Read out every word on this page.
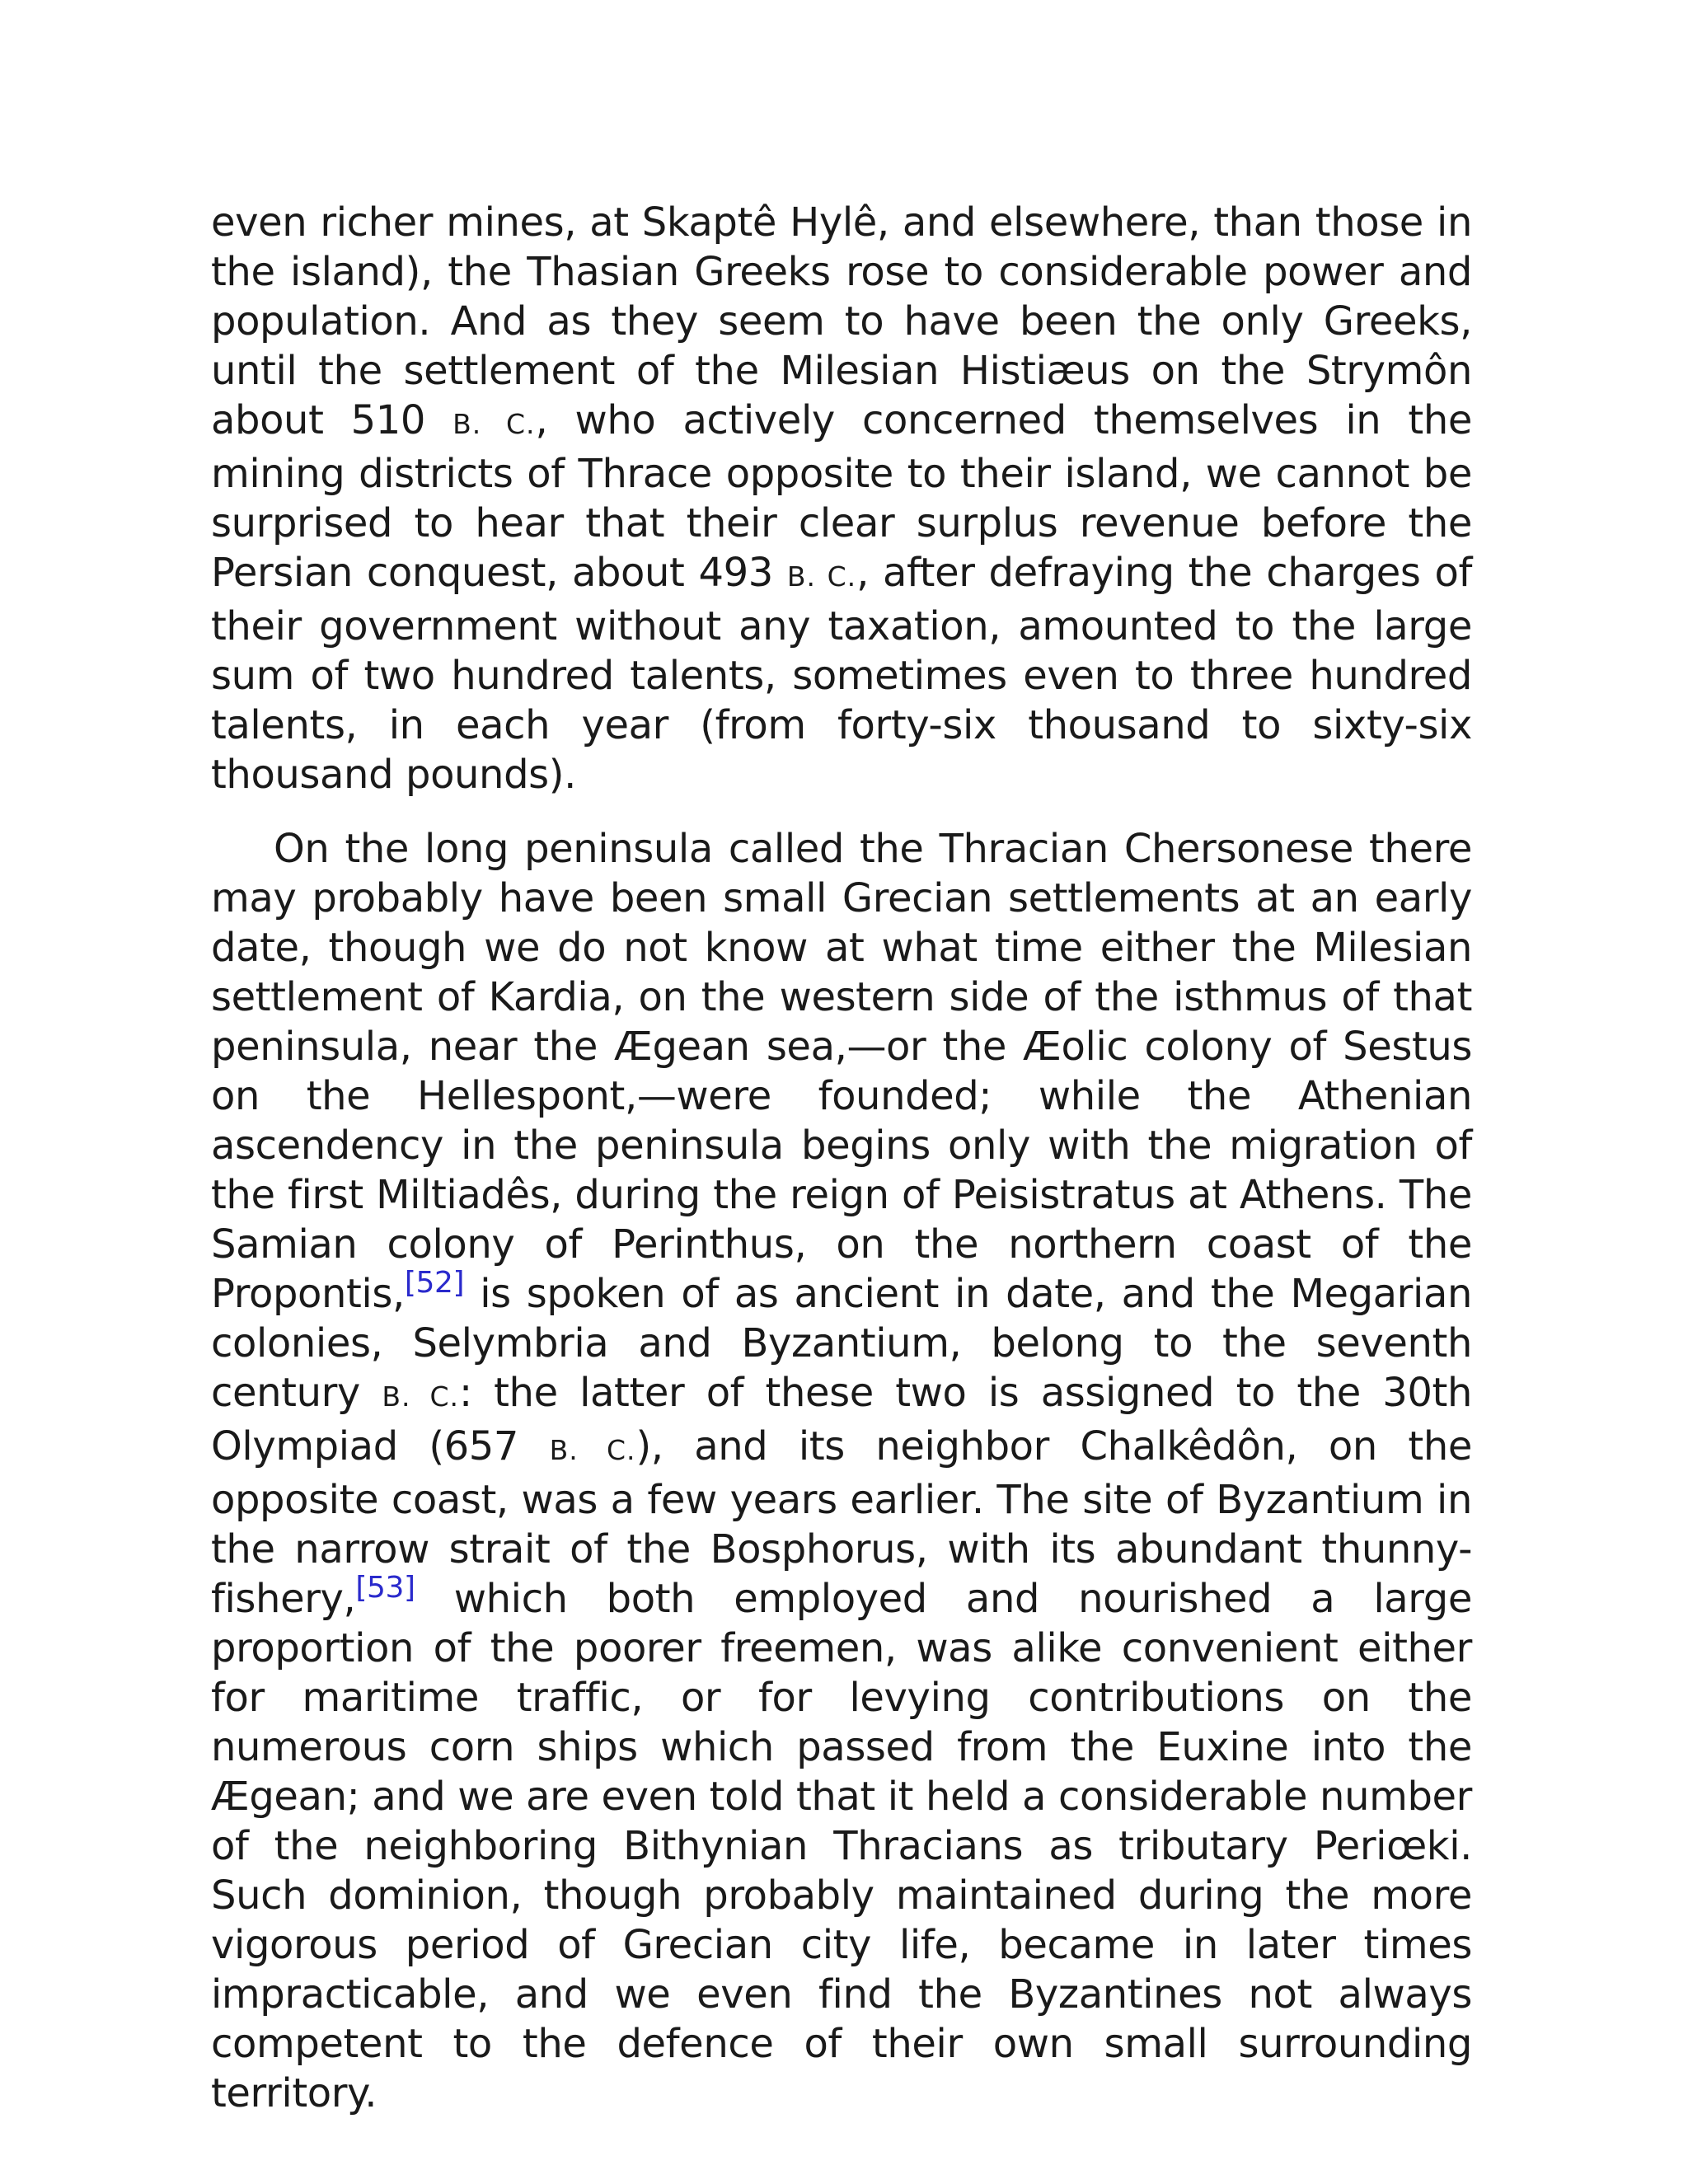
even richer mines, at Skaptê Hylê, and elsewhere, than those in the island), the Thasian Greeks rose to considerable power and population. And as they seem to have been the only Greeks, until the settlement of the Milesian Histiæus on the Strymôn about 510 B. C., who actively concerned themselves in the mining districts of Thrace opposite to their island, we cannot be surprised to hear that their clear surplus revenue before the Persian conquest, about 493 B. C., after defraying the charges of their government without any taxation, amounted to the large sum of two hundred talents, sometimes even to three hundred talents, in each year (from forty-six thousand to sixty-six thousand pounds).

On the long peninsula called the Thracian Chersonese there may probably have been small Grecian settlements at an early date, though we do not know at what time either the Milesian settlement of Kardia, on the western side of the isthmus of that peninsula, near the Ægean sea,—or the Æolic colony of Sestus on the Hellespont,—were founded; while the Athenian ascendency in the peninsula begins only with the migration of the first Miltiadês, during the reign of Peisistratus at Athens. The Samian colony of Perinthus, on the northern coast of the Propontis,[52] is spoken of as ancient in date, and the Megarian colonies, Selymbria and Byzantium, belong to the seventh century B. C.: the latter of these two is assigned to the 30th Olympiad (657 B. C.), and its neighbor Chalkêdôn, on the opposite coast, was a few years earlier. The site of Byzantium in the narrow strait of the Bosphorus, with its abundant thunny-fishery,[53] which both employed and nourished a large proportion of the poorer freemen, was alike convenient either for maritime traffic, or for levying contributions on the numerous corn ships which passed from the Euxine into the Ægean; and we are even told that it held a considerable number of the neighboring Bithynian Thracians as tributary Periœki. Such dominion, though probably maintained during the more vigorous period of Grecian city life, became in later times impracticable, and we even find the Byzantines not always competent to the defence of their own small surrounding territory.
